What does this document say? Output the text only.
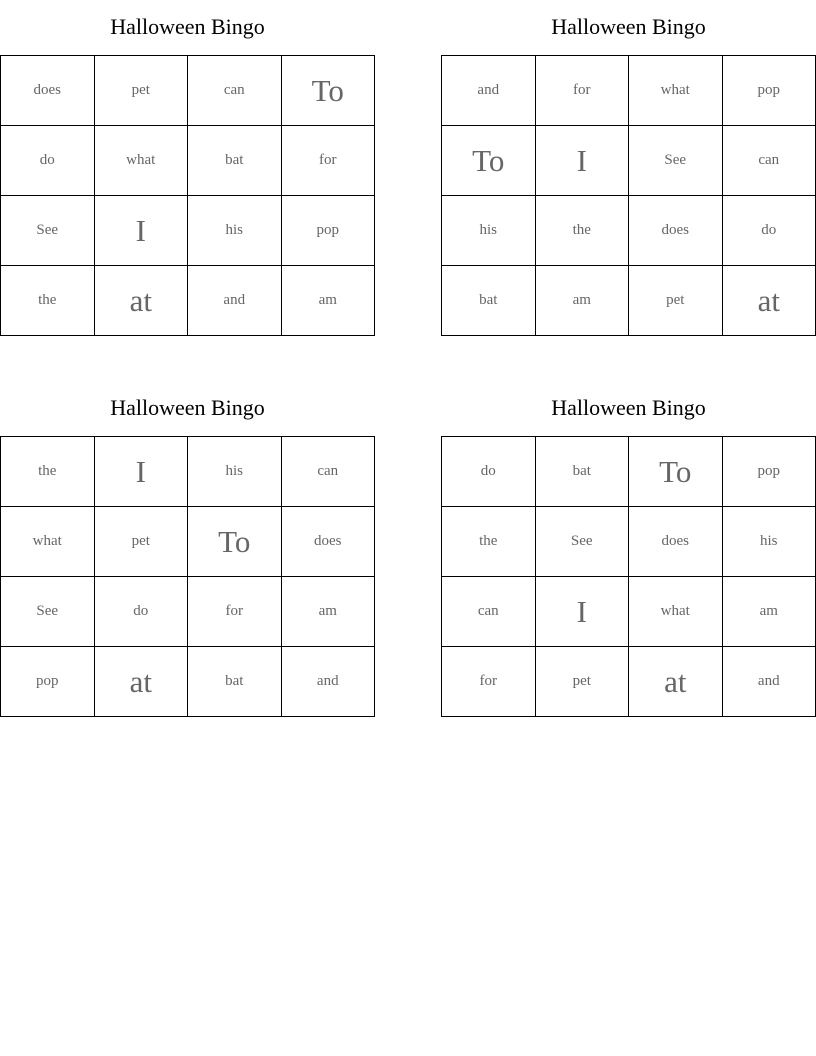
Halloween Bingo
does	pet	can	To
do	what	bat	for
See	I	his	pop
the	at	and	am
Halloween Bingo
and	for	what	pop
To	I	See	can
his	the	does	do
bat	am	pet	at
Halloween Bingo
the	I	his	can
what	pet	To	does
See	do	for	am
pop	at	bat	and
Halloween Bingo
do	bat	To	pop
the	See	does	his
can	I	what	am
for	pet	at	and
